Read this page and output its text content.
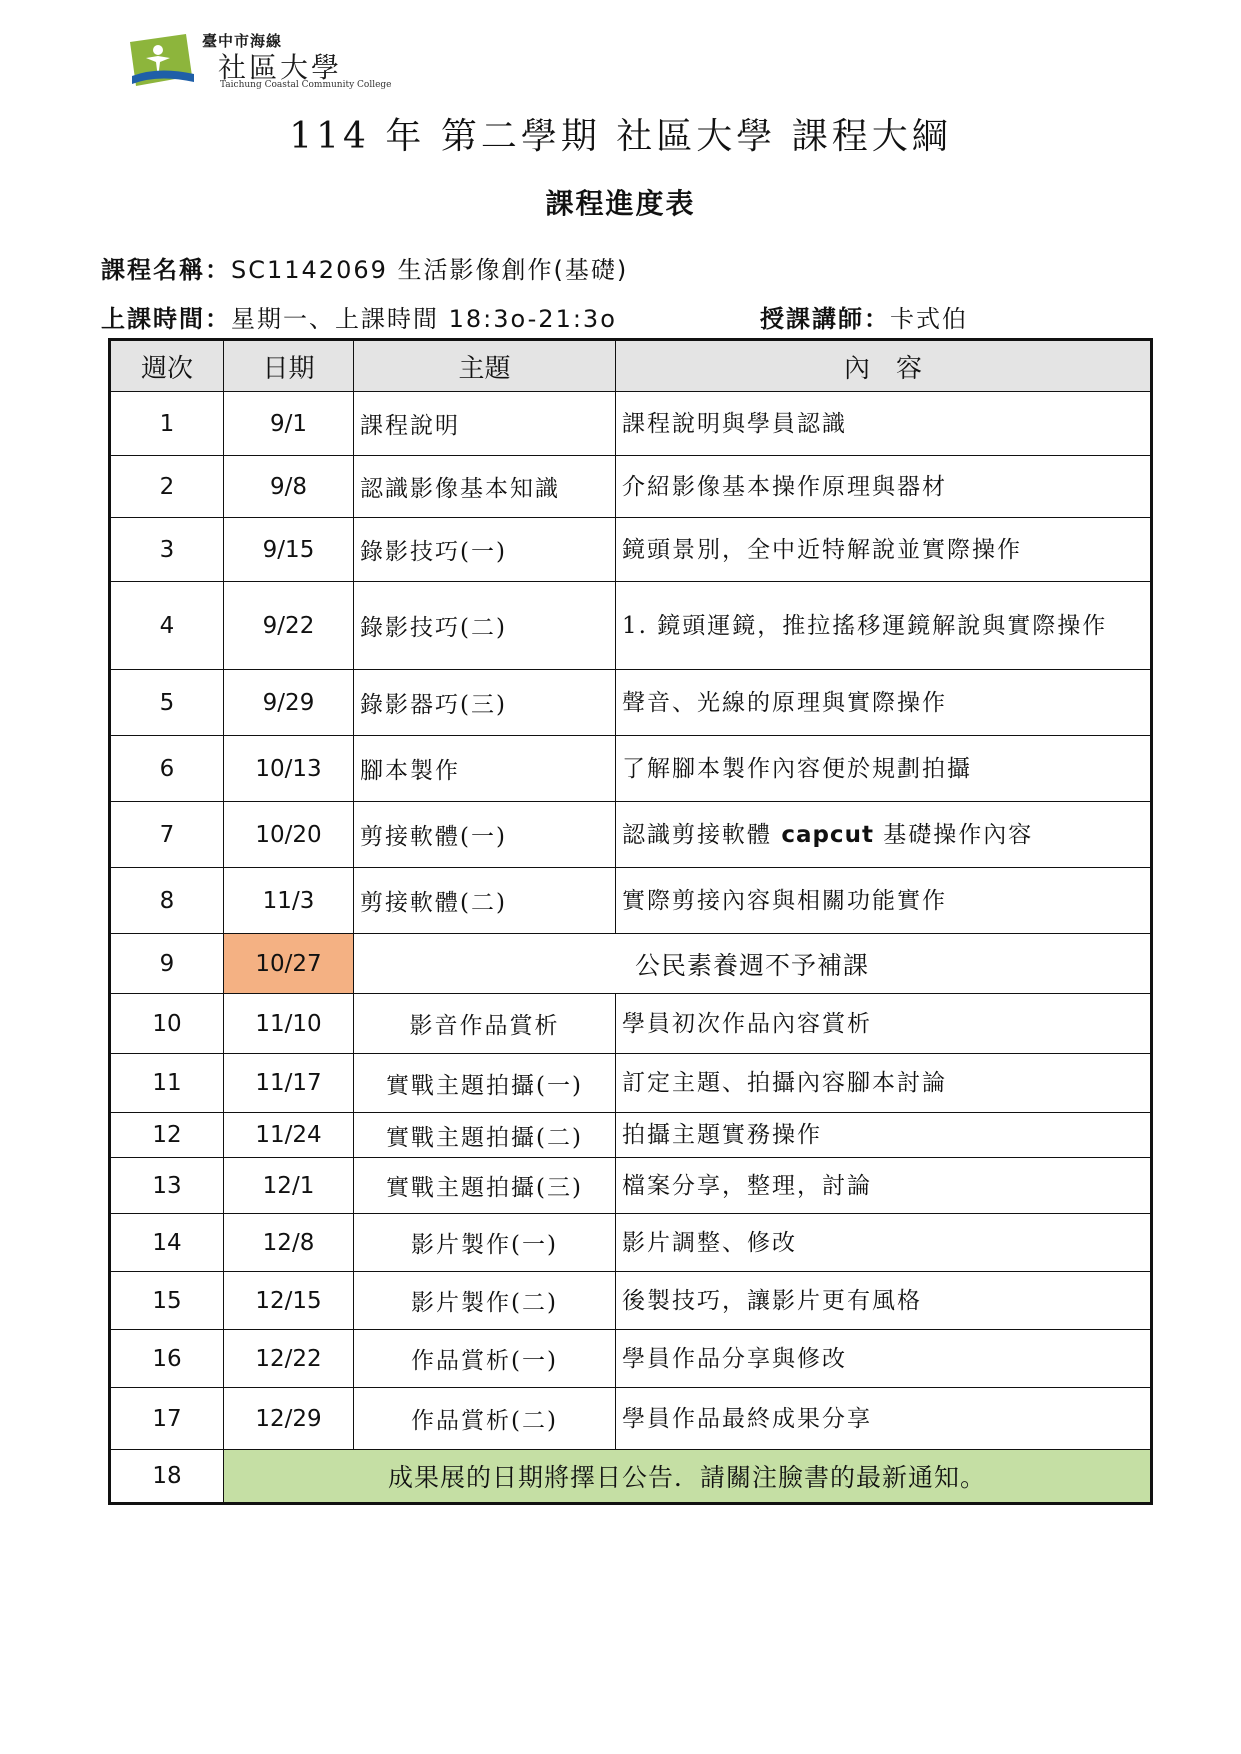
臺中市海線
社區大學
Taichung Coastal Community College
114 年 第二學期 社區大學 課程大綱
課程進度表
課程名稱：SC1142069 生活影像創作(基礎)
上課時間：星期一、上課時間 18:3o-21:3o	授課講師：卡式伯
週次	日期	主題	內　容
1	9/1	課程說明	課程說明與學員認識
2	9/8	認識影像基本知識	介紹影像基本操作原理與器材
3	9/15	錄影技巧(一)	鏡頭景別，全中近特解說並實際操作
4	9/22	錄影技巧(二)	1. 鏡頭運鏡，推拉搖移運鏡解說與實際操作
5	9/29	錄影器巧(三)	聲音、光線的原理與實際操作
6	10/13	腳本製作	了解腳本製作內容便於規劃拍攝
7	10/20	剪接軟體(一)	認識剪接軟體 capcut 基礎操作內容
8	11/3	剪接軟體(二)	實際剪接內容與相關功能實作
9	10/27	公民素養週不予補課	
10	11/10	影音作品賞析	學員初次作品內容賞析
11	11/17	實戰主題拍攝(一)	訂定主題、拍攝內容腳本討論
12	11/24	實戰主題拍攝(二)	拍攝主題實務操作
13	12/1	實戰主題拍攝(三)	檔案分享，整理，討論
14	12/8	影片製作(一)	影片調整、修改
15	12/15	影片製作(二)	後製技巧，讓影片更有風格
16	12/22	作品賞析(一)	學員作品分享與修改
17	12/29	作品賞析(二)	學員作品最終成果分享
18	成果展的日期將擇日公告．請關注臉書的最新通知。		
